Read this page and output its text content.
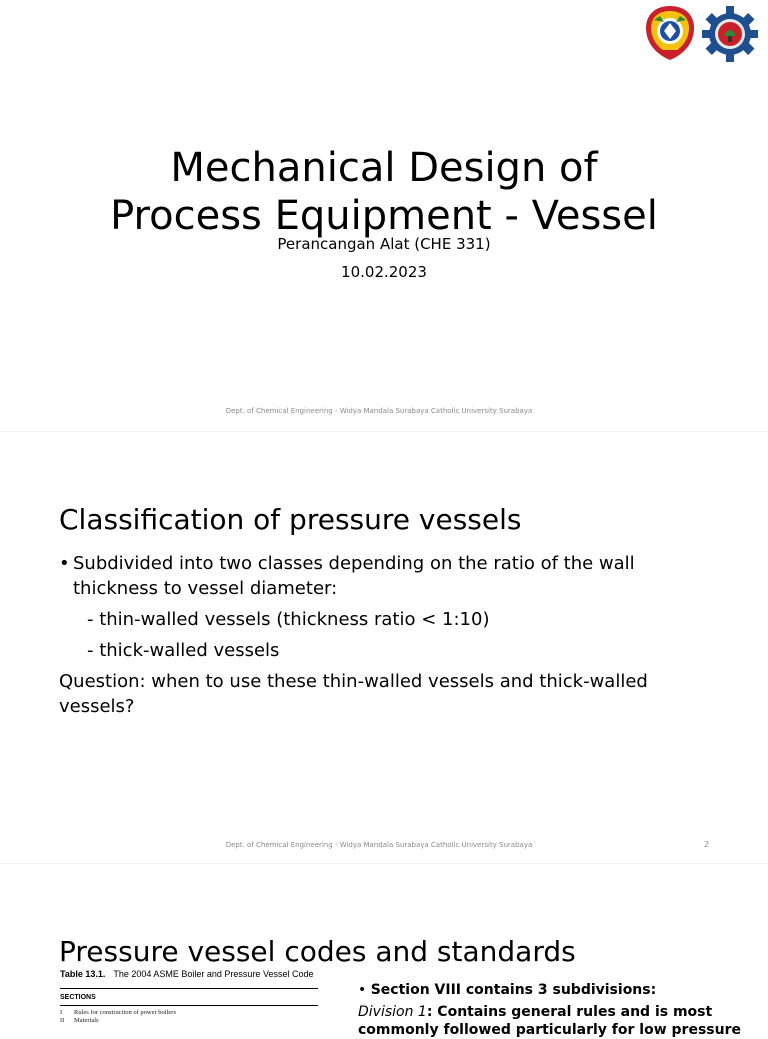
Mechanical Design of
Process Equipment - Vessel
Perancangan Alat (CHE 331)
10.02.2023
Dept. of Chemical Engineering - Widya Mandala Surabaya Catholic University Surabaya
Classification of pressure vessels
• Subdivided into two classes depending on the ratio of the wall thickness to vessel diameter:
- thin-walled vessels (thickness ratio < 1:10)
- thick-walled vessels
Question: when to use these thin-walled vessels and thick-walled vessels?
Dept. of Chemical Engineering - Widya Mandala Surabaya Catholic University Surabaya	2
Pressure vessel codes and standards
Table 13.1. The 2004 ASME Boiler and Pressure Vessel Code
SECTIONS
I Rules for construction of power boilers
II Materials
• Section VIII contains 3 subdivisions:
Division 1: Contains general rules and is most commonly followed particularly for low pressure
